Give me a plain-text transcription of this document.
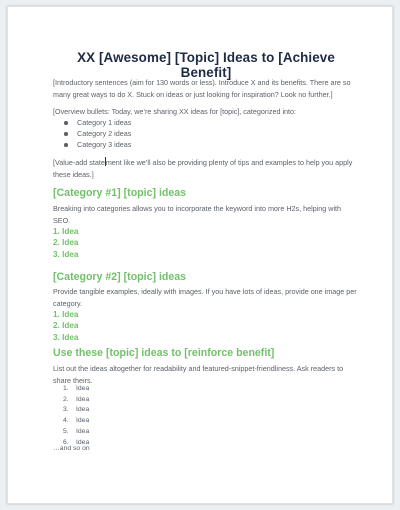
XX [Awesome] [Topic] Ideas to [Achieve Benefit]
[Introductory sentences (aim for 130 words or less). Introduce X and its benefits. There are so many great ways to do X. Stuck on ideas or just looking for inspiration? Look no further.]
[Overview bullets: Today, we’re sharing XX ideas for [topic], categorized into:
Category 1 ideas
Category 2 ideas
Category 3 ideas
[Value-add statement like we’ll also be providing plenty of tips and examples to help you apply these ideas.]
[Category #1] [topic] ideas
Breaking into categories allows you to incorporate the keyword into more H2s, helping with SEO.
1. Idea
2. Idea
3. Idea
[Category #2] [topic] ideas
Provide tangible examples, ideally with images. If you have lots of ideas, provide one image per category.
1. Idea
2. Idea
3. Idea
Use these [topic] ideas to [reinforce benefit]
List out the ideas altogether for readability and featured-snippet-friendliness. Ask readers to share theirs.
1. Idea
2. Idea
3. Idea
4. Idea
5. Idea
6. Idea
…and so on
